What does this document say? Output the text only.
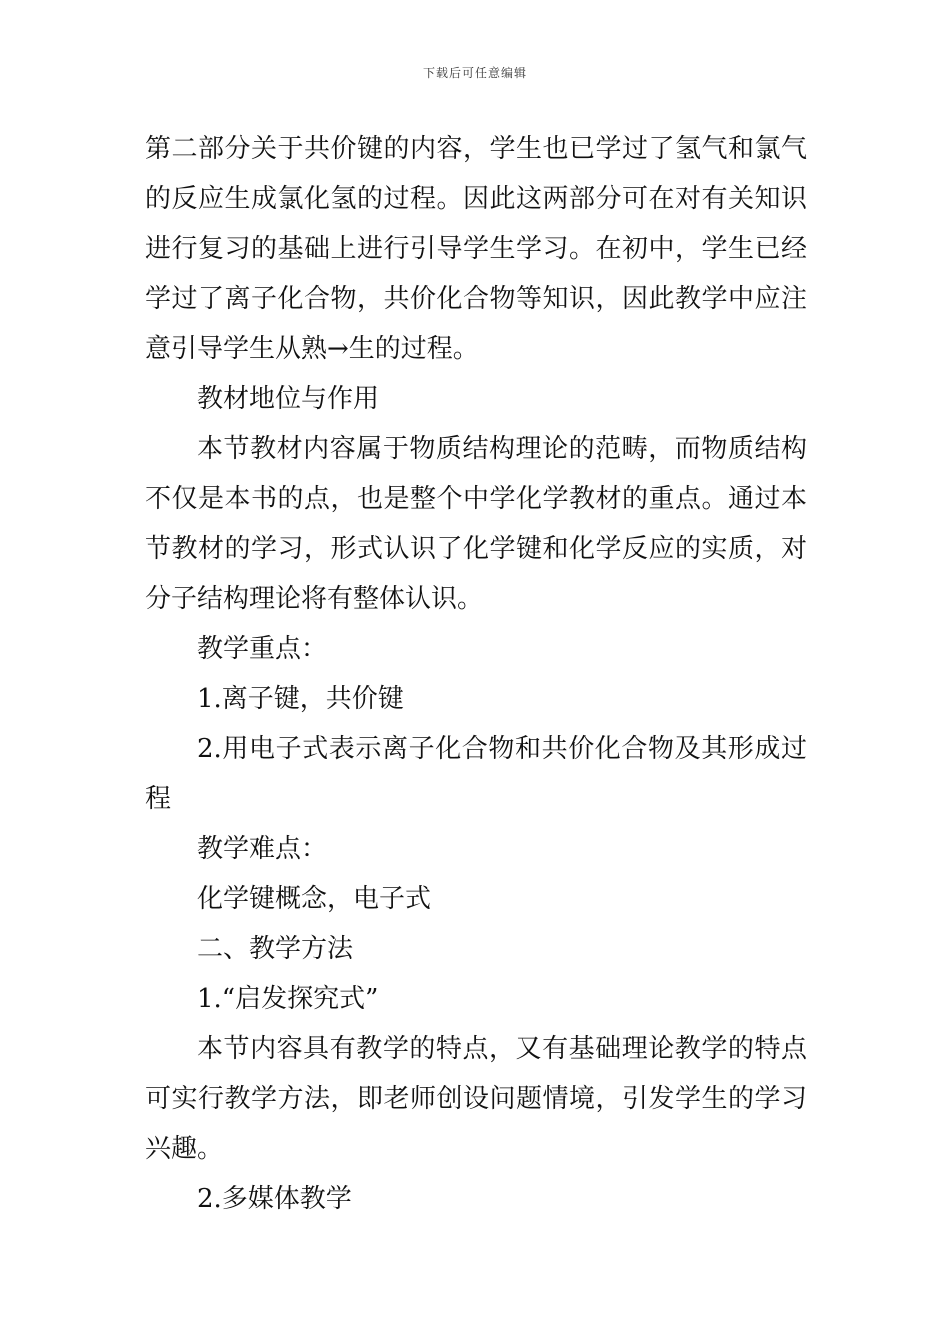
下载后可任意编辑

第二部分关于共价键的内容，学生也已学过了氢气和氯气的反应生成氯化氢的过程。因此这两部分可在对有关知识进行复习的基础上进行引导学生学习。在初中，学生已经学过了离子化合物，共价化合物等知识，因此教学中应注意引导学生从熟→生的过程。

教材地位与作用

本节教材内容属于物质结构理论的范畴，而物质结构不仅是本书的点，也是整个中学化学教材的重点。通过本节教材的学习，形式认识了化学键和化学反应的实质，对分子结构理论将有整体认识。

教学重点：

1.离子键，共价键

2.用电子式表示离子化合物和共价化合物及其形成过程

教学难点：

化学键概念，电子式

二、教学方法

1.“启发探究式”

本节内容具有教学的特点，又有基础理论教学的特点可实行教学方法，即老师创设问题情境，引发学生的学习兴趣。

2.多媒体教学
